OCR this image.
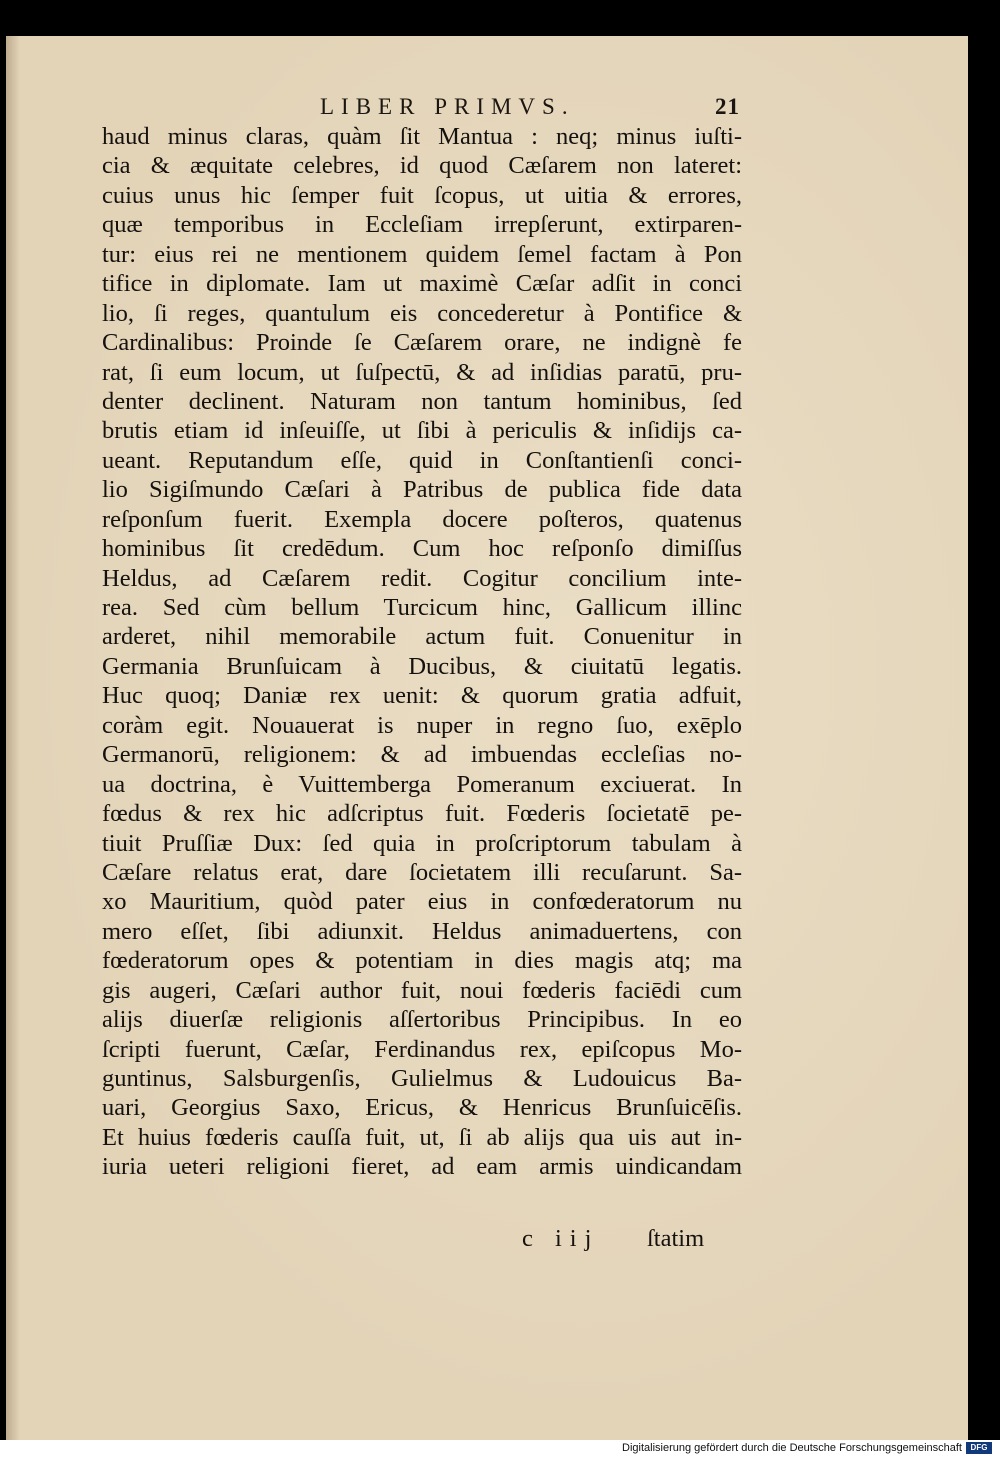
LIBER PRIMVS.	21
haud minus claras, quàm ſit Mantua : neq; minus iuſti-
cia & æquitate celebres, id quod Cæſarem non lateret:
cuius unus hic ſemper fuit ſcopus, ut uitia & errores,
quæ temporibus in Eccleſiam irrepſerunt, extirparen-
tur: eius rei ne mentionem quidem ſemel factam à Pon
tifice in diplomate. Iam ut maximè Cæſar adſit in conci
lio, ſi reges, quantulum eis concederetur à Pontifice &
Cardinalibus: Proinde ſe Cæſarem orare, ne indignè fe
rat, ſi eum locum, ut ſuſpectū, & ad inſidias paratū, pru-
denter declinent. Naturam non tantum hominibus, ſed
brutis etiam id inſeuiſſe, ut ſibi à periculis & inſidijs ca-
ueant. Reputandum eſſe, quid in Conſtantienſi conci-
lio Sigiſmundo Cæſari à Patribus de publica fide data
reſponſum fuerit. Exempla docere poſteros, quatenus
hominibus ſit credēdum. Cum hoc reſponſo dimiſſus
Heldus, ad Cæſarem redit. Cogitur concilium inte-
rea. Sed cùm bellum Turcicum hinc, Gallicum illinc
arderet, nihil memorabile actum fuit. Conuenitur in
Germania Brunſuicam à Ducibus, & ciuitatū legatis.
Huc quoq; Daniæ rex uenit: & quorum gratia adfuit,
coràm egit. Nouauerat is nuper in regno ſuo, exēplo
Germanorū, religionem: & ad imbuendas eccleſias no-
ua doctrina, è Vuittemberga Pomeranum exciuerat. In
fœdus & rex hic adſcriptus fuit. Fœderis ſocietatē pe-
tiuit Pruſſiæ Dux: ſed quia in proſcriptorum tabulam à
Cæſare relatus erat, dare ſocietatem illi recuſarunt. Sa-
xo Mauritium, quòd pater eius in confœderatorum nu
mero eſſet, ſibi adiunxit. Heldus animaduertens, con
fœderatorum opes & potentiam in dies magis atq; ma
gis augeri, Cæſari author fuit, noui fœderis faciēdi cum
alijs diuerſæ religionis aſſertoribus Principibus. In eo
ſcripti fuerunt, Cæſar, Ferdinandus rex, epiſcopus Mo-
guntinus, Salsburgenſis, Gulielmus & Ludouicus Ba-
uari, Georgius Saxo, Ericus, & Henricus Brunſuicēſis.
Et huius fœderis cauſſa fuit, ut, ſi ab alijs qua uis aut in-
iuria ueteri religioni fieret, ad eam armis uindicandam
c iij ſtatim
Digitalisierung gefördert durch die Deutsche Forschungsgemeinschaft	DFG
